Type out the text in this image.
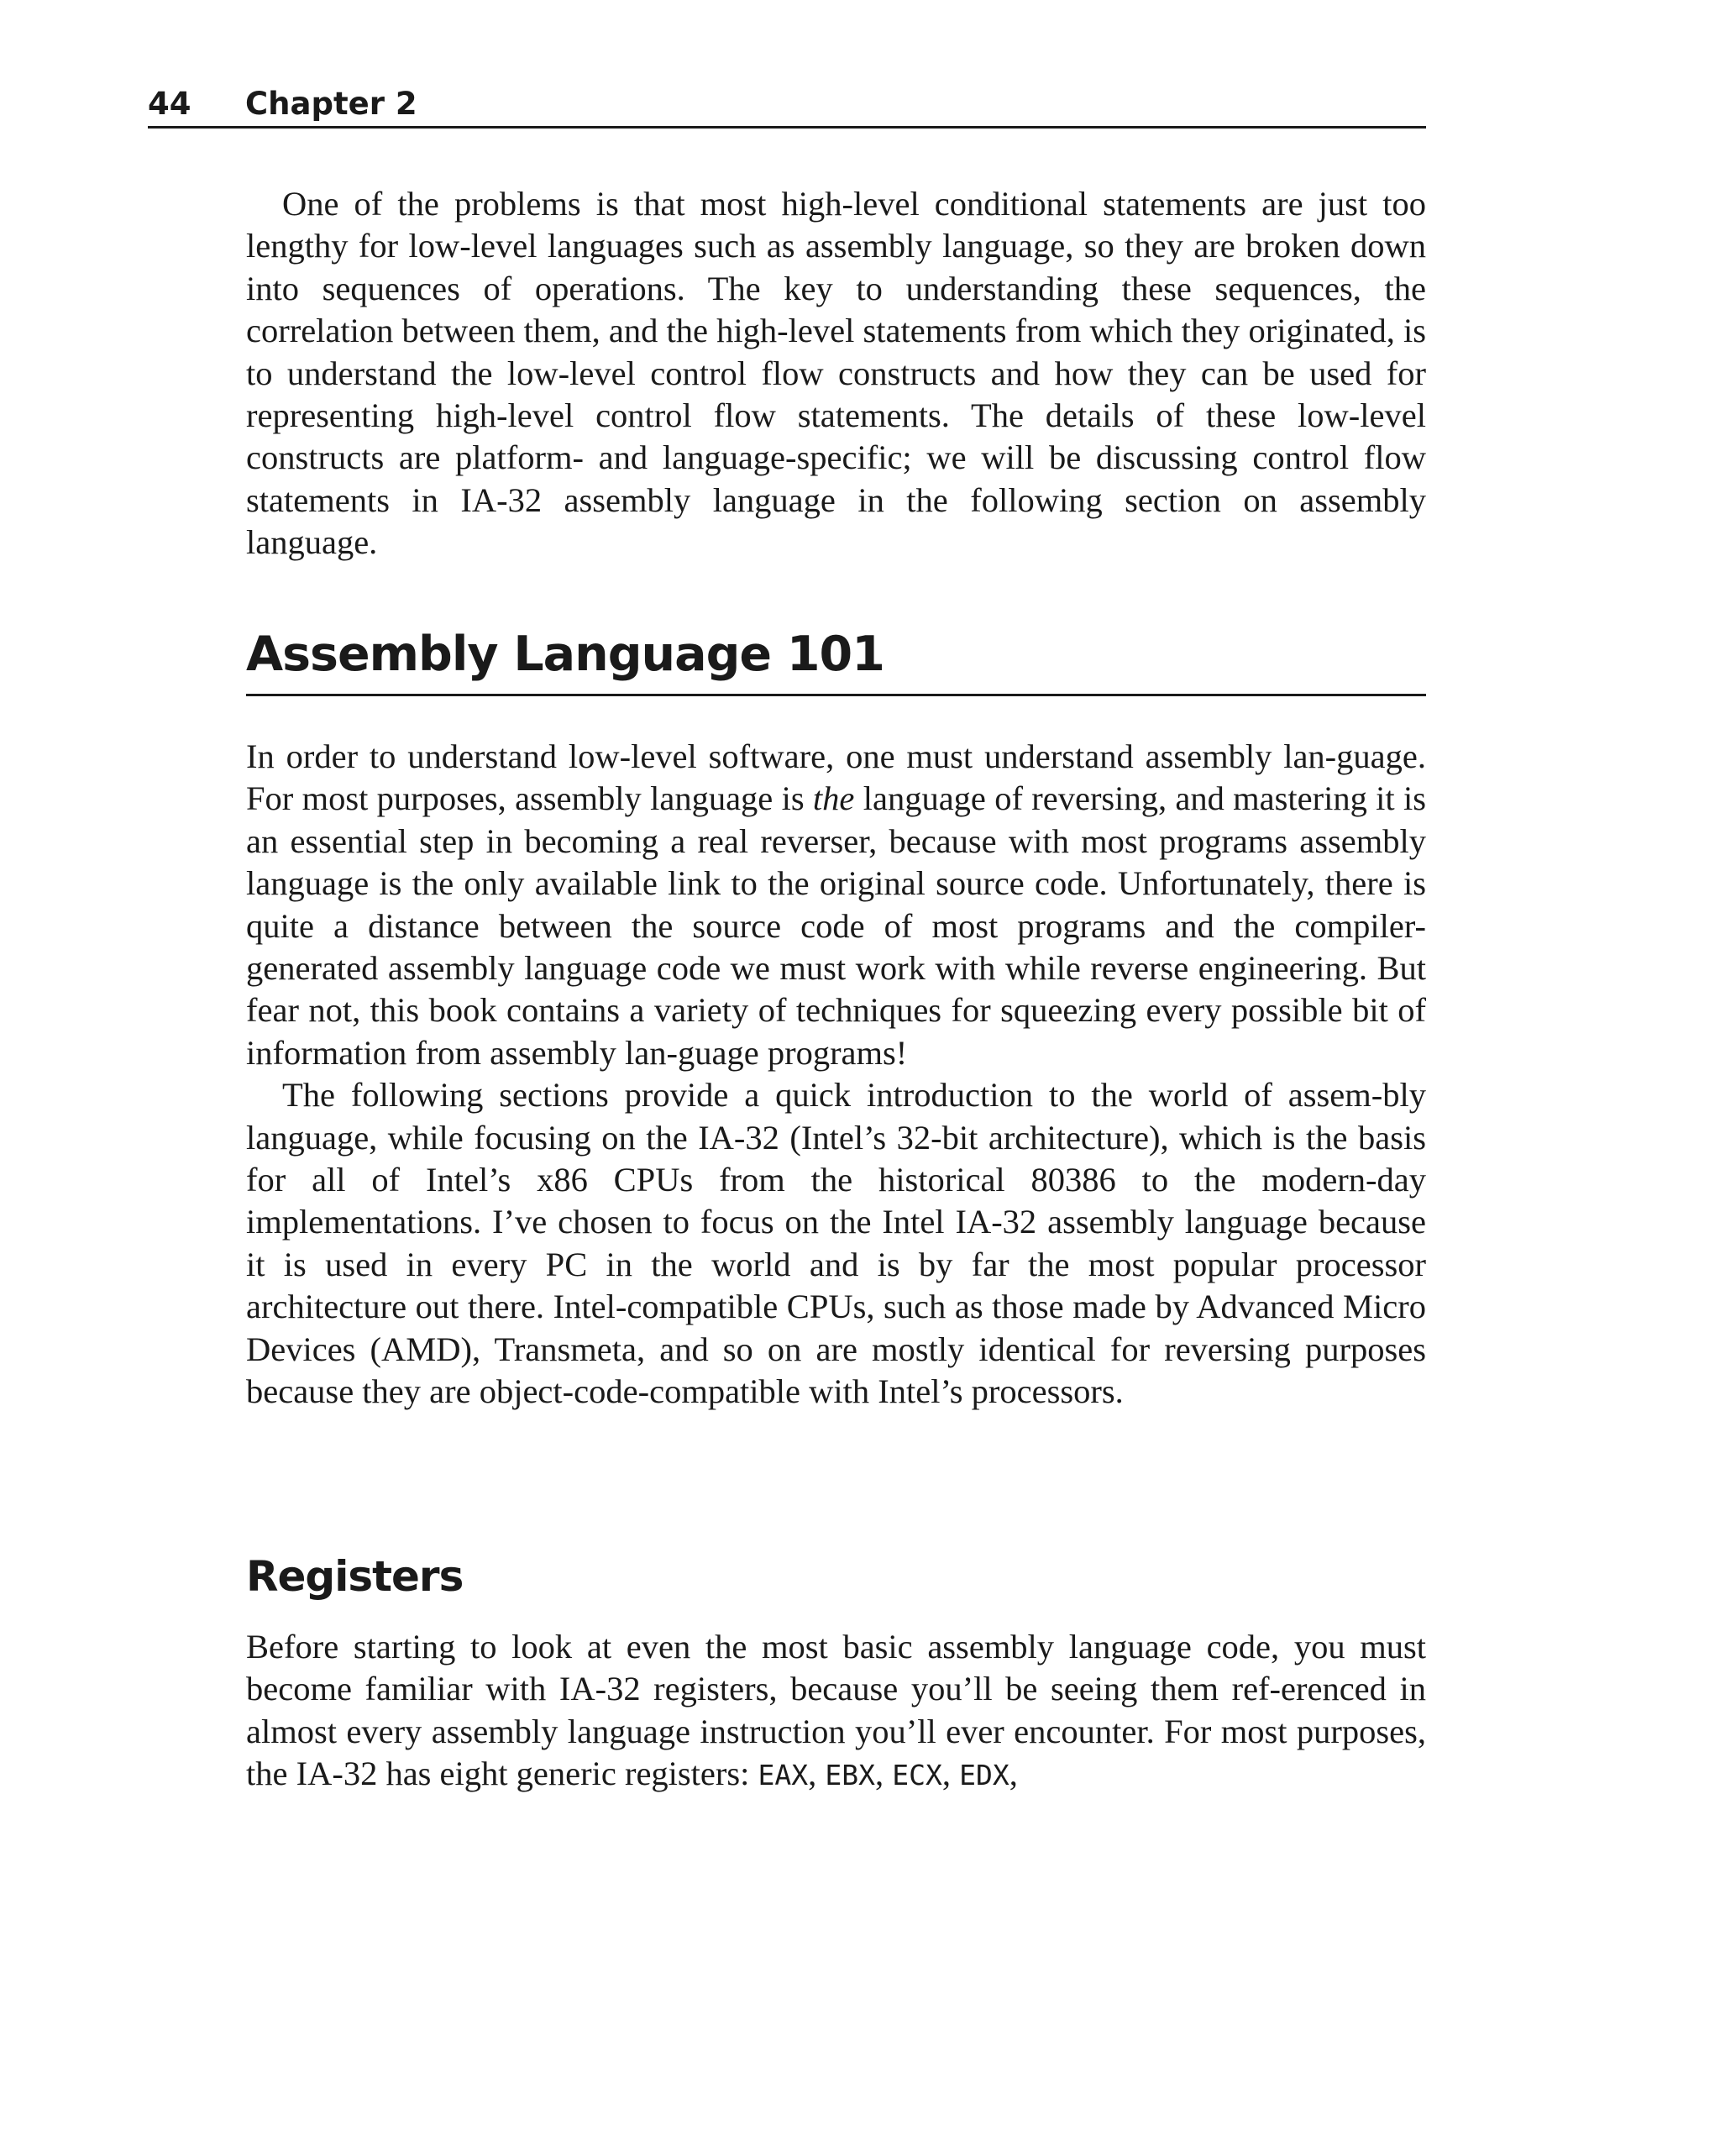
44 Chapter 2

One of the problems is that most high-level conditional statements are just too lengthy for low-level languages such as assembly language, so they are broken down into sequences of operations. The key to understanding these sequences, the correlation between them, and the high-level statements from which they originated, is to understand the low-level control flow constructs and how they can be used for representing high-level control flow statements. The details of these low-level constructs are platform- and language-specific; we will be discussing control flow statements in IA-32 assembly language in the following section on assembly language.

Assembly Language 101

In order to understand low-level software, one must understand assembly lan-guage. For most purposes, assembly language is the language of reversing, and mastering it is an essential step in becoming a real reverser, because with most programs assembly language is the only available link to the original source code. Unfortunately, there is quite a distance between the source code of most programs and the compiler-generated assembly language code we must work with while reverse engineering. But fear not, this book contains a variety of techniques for squeezing every possible bit of information from assembly lan-guage programs!

The following sections provide a quick introduction to the world of assem-bly language, while focusing on the IA-32 (Intel’s 32-bit architecture), which is the basis for all of Intel’s x86 CPUs from the historical 80386 to the modern-day implementations. I’ve chosen to focus on the Intel IA-32 assembly language because it is used in every PC in the world and is by far the most popular processor architecture out there. Intel-compatible CPUs, such as those made by Advanced Micro Devices (AMD), Transmeta, and so on are mostly identical for reversing purposes because they are object-code-compatible with Intel’s processors.

Registers

Before starting to look at even the most basic assembly language code, you must become familiar with IA-32 registers, because you’ll be seeing them ref-erenced in almost every assembly language instruction you’ll ever encounter. For most purposes, the IA-32 has eight generic registers: EAX, EBX, ECX, EDX,
